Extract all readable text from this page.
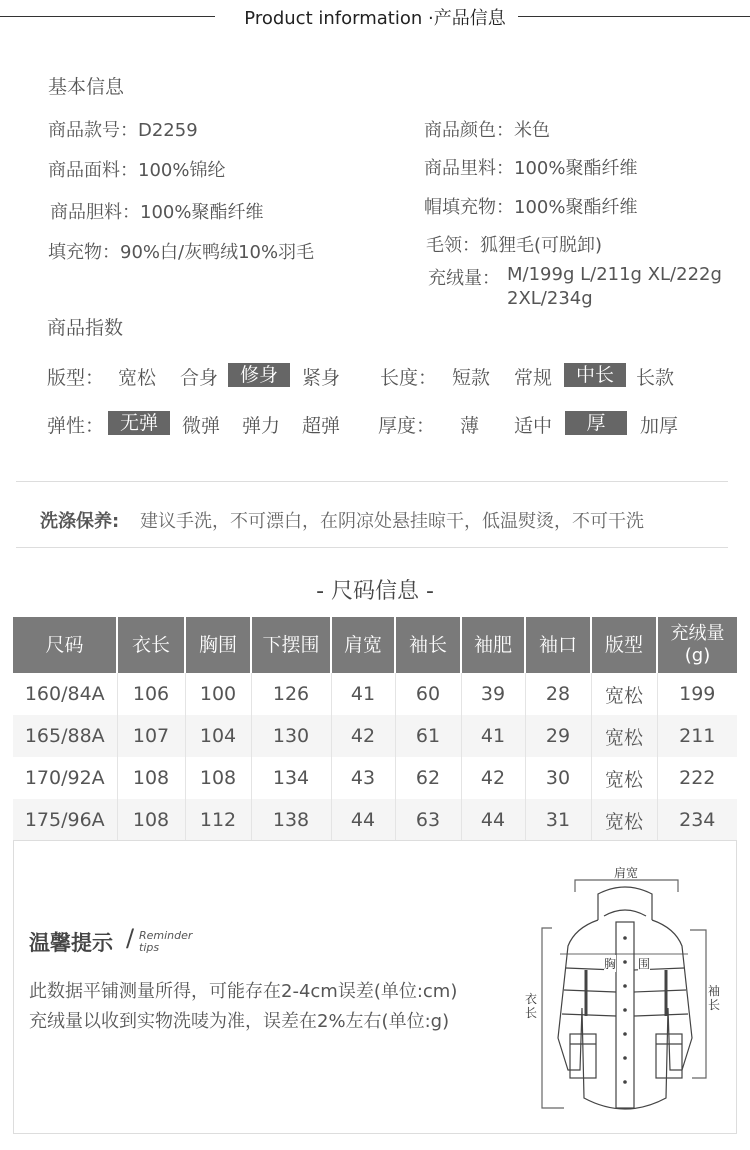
Product information ·产品信息
基本信息
商品款号：D2259
商品面料：100%锦纶
商品胆料：100%聚酯纤维
填充物：90%白/灰鸭绒10%羽毛
商品颜色：米色
商品里料：100%聚酯纤维
帽填充物：100%聚酯纤维
毛领：狐狸毛(可脱卸)
充绒量： M/199g L/211g XL/222g
2XL/234g
商品指数
版型： 宽松 合身	修身	紧身 长度： 短款 常规	中长	长款
弹性： 无弹	微弹 弹力 超弹 厚度： 薄 适中	厚	加厚
洗涤保养: 建议手洗，不可漂白，在阴凉处悬挂晾干，低温熨烫，不可干洗
- 尺码信息 -
尺码	衣长	胸围	下摆围	肩宽	袖长	袖肥	袖口	版型	充绒量(g)
160/84A	106	100	126	41	60	39	28	宽松	199
165/88A	107	104	130	42	61	41	29	宽松	211
170/92A	108	108	134	43	62	42	30	宽松	222
175/96A	108	112	138	44	63	44	31	宽松	234
温馨提示 / Reminder
tips
此数据平铺测量所得，可能存在2-4cm误差(单位:cm)
充绒量以收到实物洗唛为准，误差在2%左右(单位:g)
肩宽
胸 围
衣长
袖长
